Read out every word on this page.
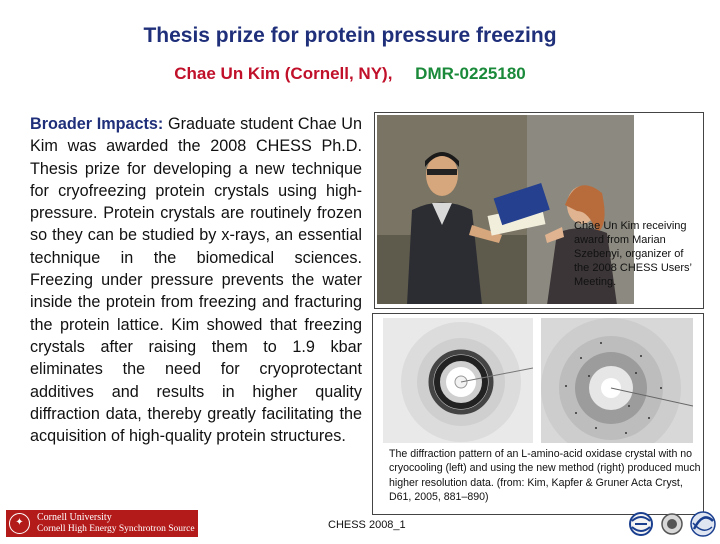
Thesis prize for protein pressure freezing
Chae Un Kim (Cornell, NY), DMR-0225180
Broader Impacts: Graduate student Chae Un Kim was awarded the 2008 CHESS Ph.D. Thesis prize for developing a new technique for cryofreezing protein crystals using high-pressure. Protein crystals are routinely frozen so they can be studied by x-rays, an essential technique in the biomedical sciences. Freezing under pressure prevents the water inside the protein from freezing and fracturing the protein lattice. Kim showed that freezing crystals after raising them to 1.9 kbar eliminates the need for cryoprotectant additives and results in higher quality diffraction data, thereby greatly facilitating the acquisition of high-quality protein structures.
Chae Un Kim receiving award from Marian Szebenyi, organizer of the 2008 CHESS Users’ Meeting.
The diffraction pattern of an L-amino-acid oxidase crystal with no cryocooling (left) and using the new method (right) produced much higher resolution data. (from: Kim, Kapfer & Gruner Acta Cryst, D61, 2005, 881–890)
✦	Cornell University
Cornell High Energy Synchrotron Source	CHESS 2008_1
